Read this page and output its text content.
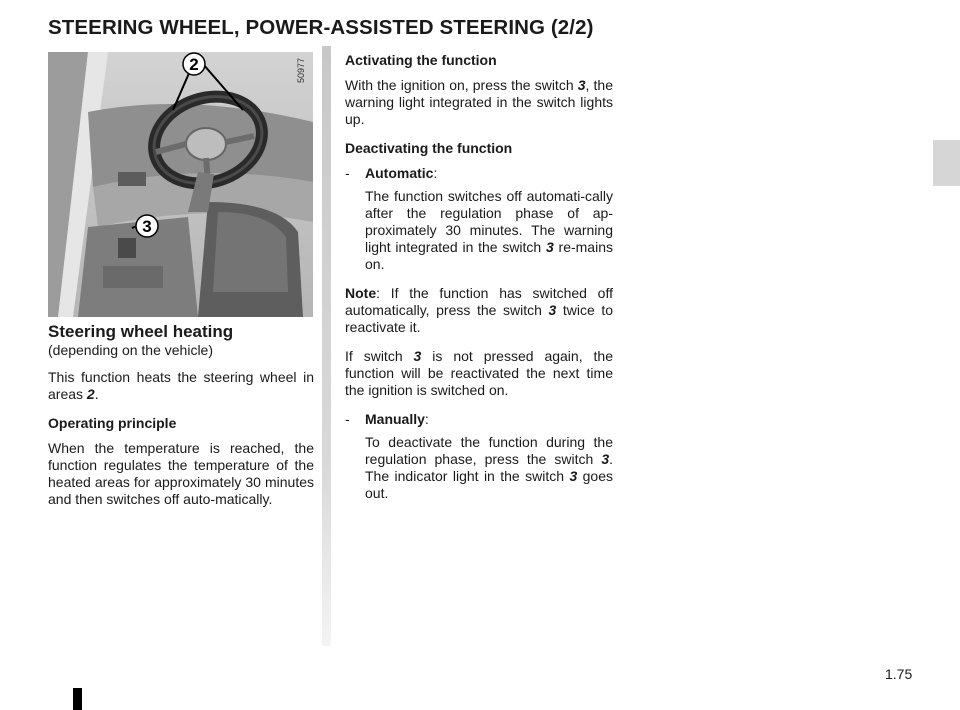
STEERING WHEEL, POWER-ASSISTED STEERING (2/2)
2
3
50977
Steering wheel heating
(depending on the vehicle)

This function heats the steering wheel in areas 2.

Operating principle

When the temperature is reached, the function regulates the temperature of the heated areas for approximately 30 minutes and then switches off auto-matically.

Activating the function

With the ignition on, press the switch 3, the warning light integrated in the switch lights up.

Deactivating the function
- Automatic:

The function switches off automati-cally after the regulation phase of ap-proximately 30 minutes. The warning light integrated in the switch 3 re-mains on.

Note: If the function has switched off automatically, press the switch 3 twice to reactivate it.

If switch 3 is not pressed again, the function will be reactivated the next time the ignition is switched on.

- Manually:

To deactivate the function during the regulation phase, press the switch 3. The indicator light in the switch 3 goes out.

1.75
